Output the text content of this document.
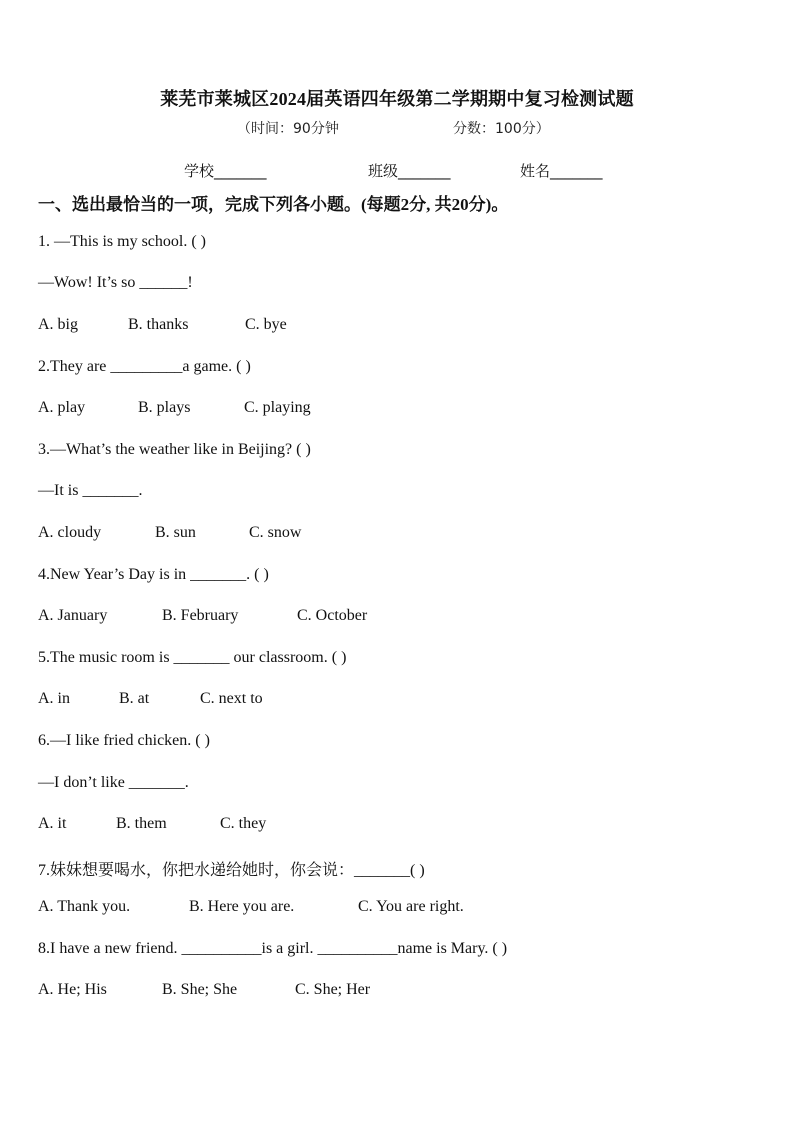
莱芜市莱城区2024届英语四年级第二学期期中复习检测试题
（时间：90分钟	分数：100分）
学校_______	班级_______	姓名_______
一、选出最恰当的一项，完成下列各小题。(每题2分, 共20分)。
1. —This is my school. ( )
—Wow! It’s so ______!
A. big	B. thanks	C. bye
2.They are _________a game. ( )
A. play	B. plays	C. playing
3.—What’s the weather like in Beijing? ( )
—It is _______.
A. cloudy	B. sun	C. snow
4.New Year’s Day is in _______. ( )
A. January	B. February	C. October
5.The music room is _______ our classroom. ( )
A. in	B. at	C. next to
6.—I like fried chicken. ( )
—I don’t like _______.
A. it	B. them	C. they
7.妹妹想要喝水，你把水递给她时，你会说：_______( )
A. Thank you.	B. Here you are.	C. You are right.
8.I have a new friend. __________is a girl. __________name is Mary. ( )
A. He; His	B. She; She	C. She; Her
